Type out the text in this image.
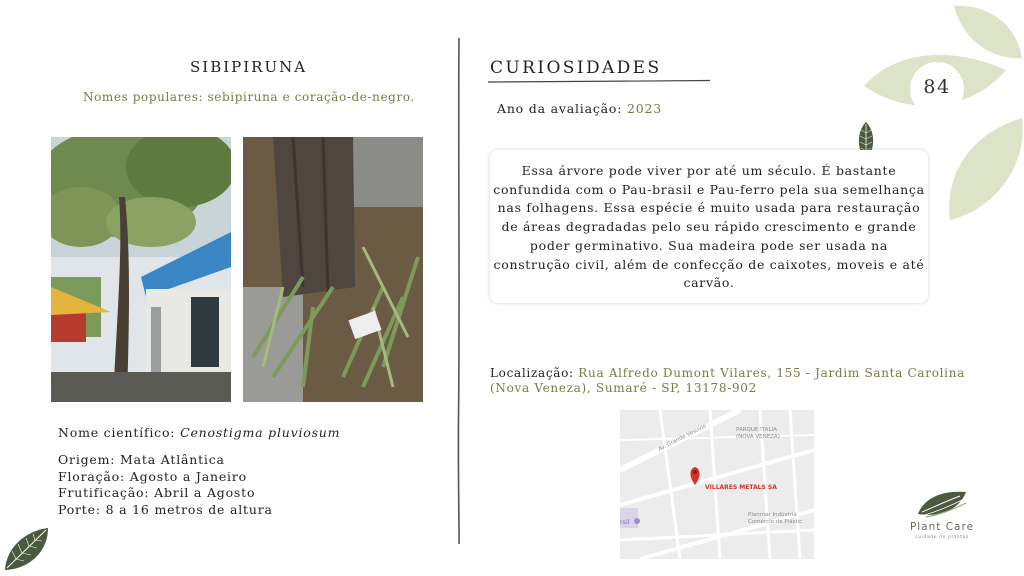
SIBIPIRUNA
Nomes populares: sebipiruna e coração-de-negro.
Nome científico: Cenostigma pluviosum
Origem: Mata Atlântica
Floração: Agosto a Janeiro
Frutificação: Abril a Agosto
Porte: 8 a 16 metros de altura
CURIOSIDADES
Ano da avaliação: 2023
Essa árvore pode viver por até um século. É bastante confundida com o Pau-brasil e Pau-ferro pela sua semelhança nas folhagens. Essa espécie é muito usada para restauração de áreas degradadas pelo seu rápido crescimento e grande poder germinativo. Sua madeira pode ser usada na construção civil, além de confecção de caixotes, moveis e até carvão.
Localização: Rua Alfredo Dumont Vilares, 155 - Jardim Santa Carolina (Nova Veneza), Sumaré - SP, 13178-902
Av. Grande Vesuvio	PARQUE ITALIA
(NOVA VENEZA)
VILLARES METALS SA
Planmar Indústria
Comércio de Plástic
rsil
84
Plant Care
cuidado de plantas
